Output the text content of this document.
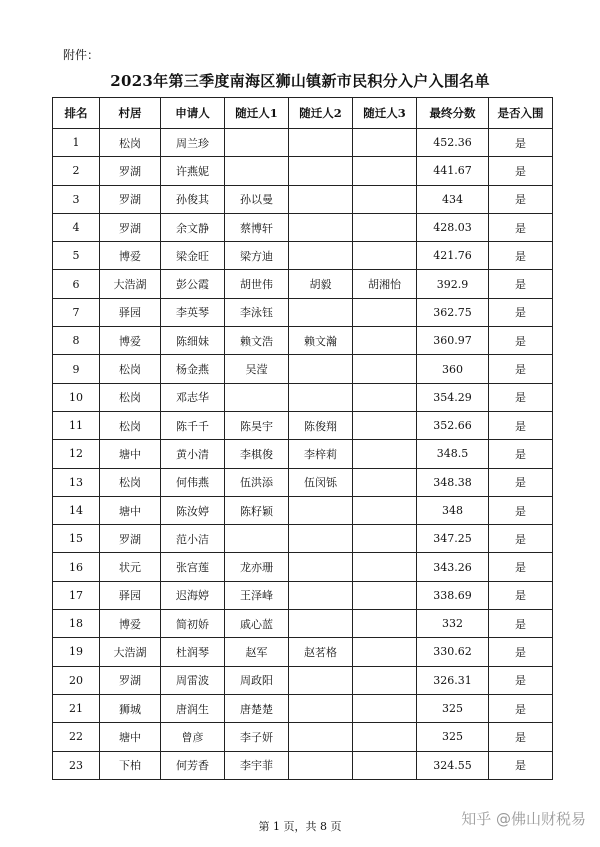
附件：
2023年第三季度南海区狮山镇新市民积分入户入围名单
排名	村居	申请人	随迁人1	随迁人2	随迁人3	最终分数	是否入围
1	松岗	周兰珍				452.36	是
2	罗湖	许燕妮				441.67	是
3	罗湖	孙俊其	孙以曼			434	是
4	罗湖	余文静	蔡博轩			428.03	是
5	博爱	梁金旺	梁方迪			421.76	是
6	大浩湖	彭公霞	胡世伟	胡毅	胡湘怡	392.9	是
7	驿园	李英琴	李泳钰			362.75	是
8	博爱	陈细妹	赖文浩	赖文瀚		360.97	是
9	松岗	杨金燕	吴滢			360	是
10	松岗	邓志华				354.29	是
11	松岗	陈千千	陈昊宇	陈俊翔		352.66	是
12	塘中	黄小清	李棋俊	李梓莉		348.5	是
13	松岗	何伟燕	伍洪添	伍闵铄		348.38	是
14	塘中	陈汝婷	陈籽颖			348	是
15	罗湖	范小洁				347.25	是
16	状元	张宫莲	龙亦珊			343.26	是
17	驿园	迟海婷	王泽峰			338.69	是
18	博爱	简初娇	戚心蓝			332	是
19	大浩湖	杜润琴	赵军	赵茗格		330.62	是
20	罗湖	周雷波	周政阳			326.31	是
21	狮城	唐润生	唐楚楚			325	是
22	塘中	曾彦	李子妍			325	是
23	下柏	何芳香	李宇菲			324.55	是
第 1 页，共 8 页	知乎 @佛山财税易
